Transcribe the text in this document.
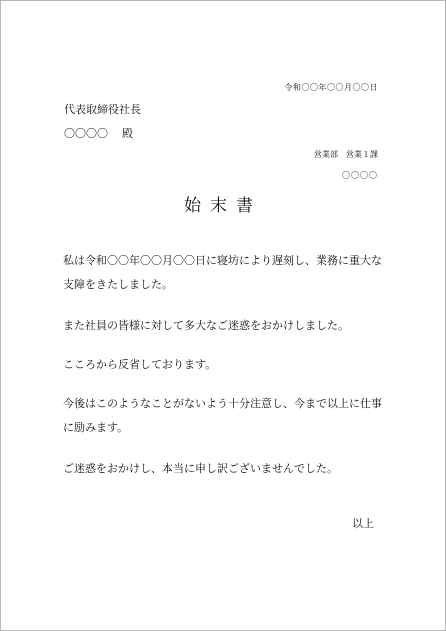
令和〇〇年〇〇月〇〇日
代表取締役社長
〇〇〇〇 殿
営業部 営業１課
〇〇〇〇
始末書

私は令和〇〇年〇〇月〇〇日に寝坊により遅刻し、業務に重大な
支障をきたしました。

また社員の皆様に対して多大なご迷惑をおかけしました。

こころから反省しております。

今後はこのようなことがないよう十分注意し、今まで以上に仕事
に励みます。

ご迷惑をおかけし、本当に申し訳ございませんでした。

以上
